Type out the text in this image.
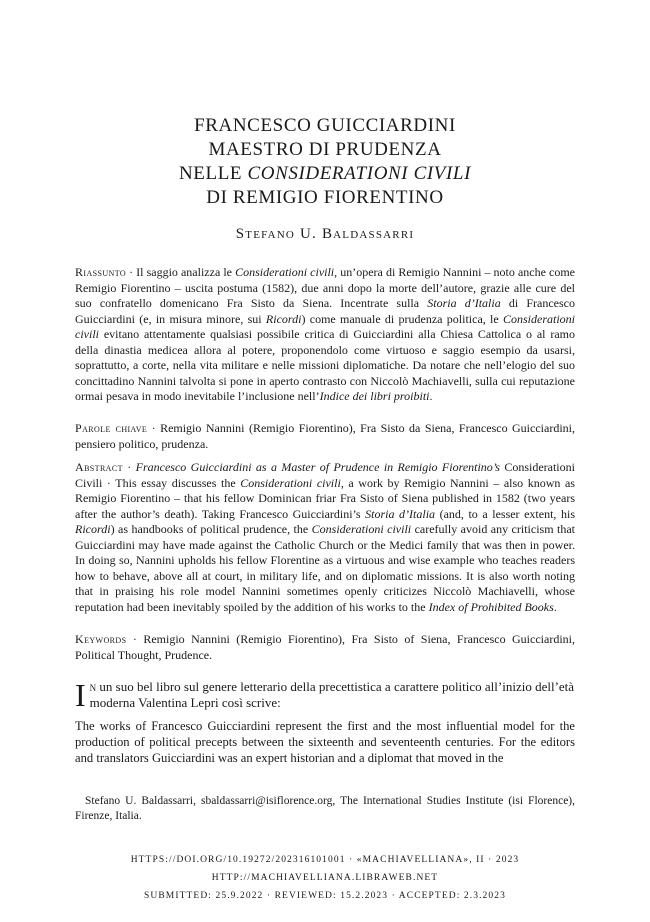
FRANCESCO GUICCIARDINI
MAESTRO DI PRUDENZA
NELLE CONSIDERATIONI CIVILI
DI REMIGIO FIORENTINO
Stefano U. Baldassarri
Riassunto · Il saggio analizza le Considerationi civili, un’opera di Remigio Nannini – noto anche come Remigio Fiorentino – uscita postuma (1582), due anni dopo la morte dell’autore, grazie alle cure del suo confratello domenicano Fra Sisto da Siena. Incentrate sulla Storia d’Italia di Francesco Guicciardini (e, in misura minore, sui Ricordi) come manuale di prudenza politica, le Considerationi civili evitano attentamente qualsiasi possibile critica di Guicciardini alla Chiesa Cattolica o al ramo della dinastia medicea allora al potere, proponendolo come virtuoso e saggio esempio da usarsi, soprattutto, a corte, nella vita militare e nelle missioni diplomatiche. Da notare che nell’elogio del suo concittadino Nannini talvolta si pone in aperto contrasto con Niccolò Machiavelli, sulla cui reputazione ormai pesava in modo inevitabile l’inclusione nell’Indice dei libri proibiti.
Parole chiave · Remigio Nannini (Remigio Fiorentino), Fra Sisto da Siena, Francesco Guicciardini, pensiero politico, prudenza.
Abstract · Francesco Guicciardini as a Master of Prudence in Remigio Fiorentino’s Considerationi Civili · This essay discusses the Considerationi civili, a work by Remigio Nannini – also known as Remigio Fiorentino – that his fellow Dominican friar Fra Sisto of Siena published in 1582 (two years after the author’s death). Taking Francesco Guicciardini’s Storia d’Italia (and, to a lesser extent, his Ricordi) as handbooks of political prudence, the Considerationi civili carefully avoid any criticism that Guicciardini may have made against the Catholic Church or the Medici family that was then in power. In doing so, Nannini upholds his fellow Florentine as a virtuous and wise example who teaches readers how to behave, above all at court, in military life, and on diplomatic missions. It is also worth noting that in praising his role model Nannini sometimes openly criticizes Niccolò Machiavelli, whose reputation had been inevitably spoiled by the addition of his works to the Index of Prohibited Books.
Keywords · Remigio Nannini (Remigio Fiorentino), Fra Sisto of Siena, Francesco Guicciardini, Political Thought, Prudence.
In un suo bel libro sul genere letterario della precettistica a carattere politico all’inizio dell’età moderna Valentina Lepri così scrive:
The works of Francesco Guicciardini represent the first and the most influential model for the production of political precepts between the sixteenth and seventeenth centuries. For the editors and translators Guicciardini was an expert historian and a diplomat that moved in the
Stefano U. Baldassarri, sbaldassarri@isiflorence.org, The International Studies Institute (isi Florence), Firenze, Italia.
HTTPS://DOI.ORG/10.19272/202316101001 · «MACHIAVELLIANA», II · 2023
HTTP://MACHIAVELLIANA.LIBRAWEB.NET
SUBMITTED: 25.9.2022 · REVIEWED: 15.2.2023 · ACCEPTED: 2.3.2023
